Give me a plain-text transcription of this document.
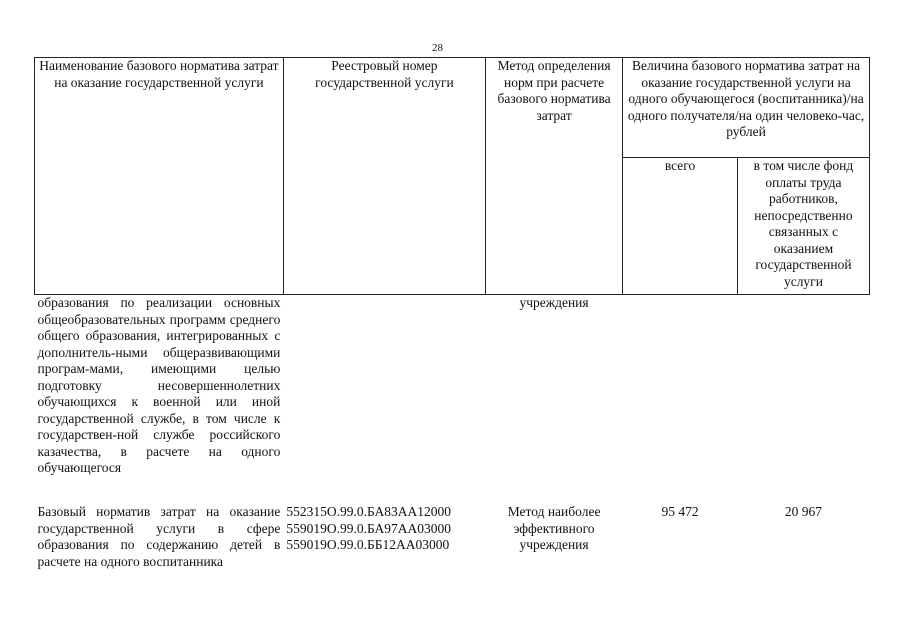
28
Наименование базового норматива затрат на оказание государственной услуги	Реестровый номер государственной услуги	Метод определения норм при расчете базового норматива затрат	Величина базового норматива затрат на оказание государственной услуги на одного обучающегося (воспитанника)/на одного получателя/на один человеко-час, рублей	
			всего	в том числе фонд оплаты труда работников, непосредственно связанных с оказанием государственной услуги

образования по реализации основных общеобразовательных программ среднего общего образования, интегрированных с дополнитель-ными общеразвивающими програм-мами, имеющими целью подготовку несовершеннолетних обучающихся к военной или иной государственной службе, в том числе к государствен-ной службе российского казачества, в расчете на одного обучающегося		учреждения		

Базовый норматив затрат на оказание государственной услуги в сфере образования по содержанию детей в расчете на одного воспитанника	552315О.99.0.БА83АА12000
559019О.99.0.БА97АА03000
559019О.99.0.ББ12АА03000	Метод наиболее эффективного учреждения	95 472	20 967
